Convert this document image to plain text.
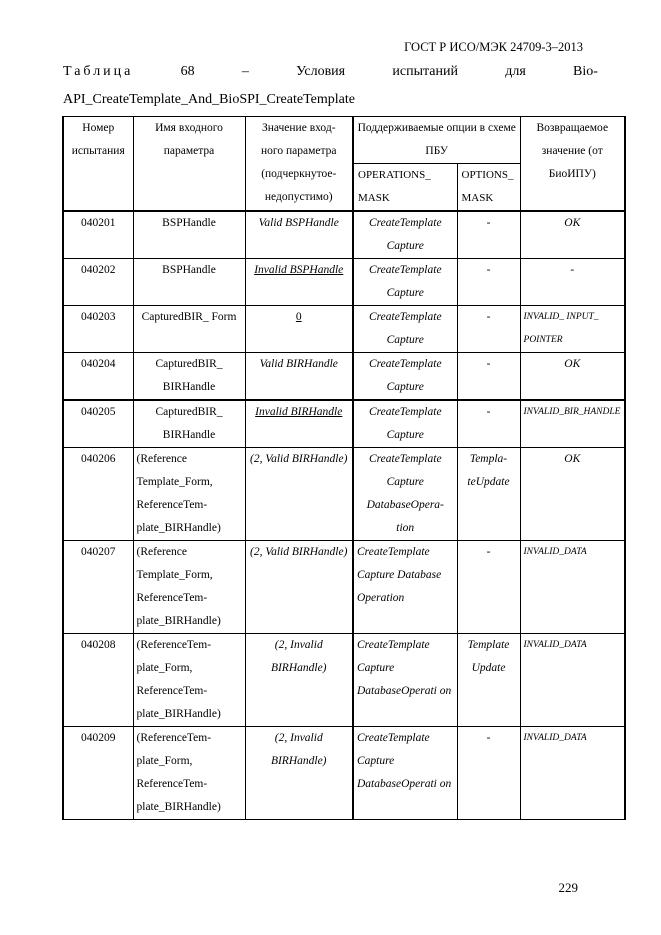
ГОСТ Р ИСО/МЭК 24709-3–2013
Таблица	68	–	Условия	испытаний	для	Bio-
API_CreateTemplate_And_BioSPI_CreateTemplate
Номер испытания	Имя входного параметра	Значение вход-
ного параметра
(подчеркнутое-
недопустимо)	Поддерживаемые опции в схеме ПБУ		Возвращаемое значение (от БиоИПУ)
			OPERATIONS_ MASK	OPTIONS_ MASK	
040201	BSPHandle	Valid BSPHandle	CreateTemplate Capture	-	OK
040202	BSPHandle	Invalid BSPHandle	CreateTemplate Capture	-	-
040203	CapturedBIR_ Form	0	CreateTemplate Capture	-	INVALID_ INPUT_ POINTER
040204	CapturedBIR_ BIRHandle	Valid BIRHandle	CreateTemplate Capture	-	OK
040205	CapturedBIR_ BIRHandle	Invalid BIRHandle	CreateTemplate Capture	-	INVALID_BIR_HANDLE
040206	(Reference Template_Form, ReferenceTem- plate_BIRHandle)	(2, Valid BIRHandle)	CreateTemplate Capture DatabaseOpera- tion	Templa- teUpdate	OK
040207	(Reference Template_Form, ReferenceTem- plate_BIRHandle)	(2, Valid BIRHandle)	CreateTemplate Capture Database Operation	-	INVALID_DATA
040208	(ReferenceTem- plate_Form, ReferenceTem- plate_BIRHandle)	(2, Invalid BIRHandle)	CreateTemplate Capture DatabaseOperati on	Template Update	INVALID_DATA
040209	(ReferenceTem- plate_Form, ReferenceTem- plate_BIRHandle)	(2, Invalid BIRHandle)	CreateTemplate Capture DatabaseOperati on	-	INVALID_DATA
229
